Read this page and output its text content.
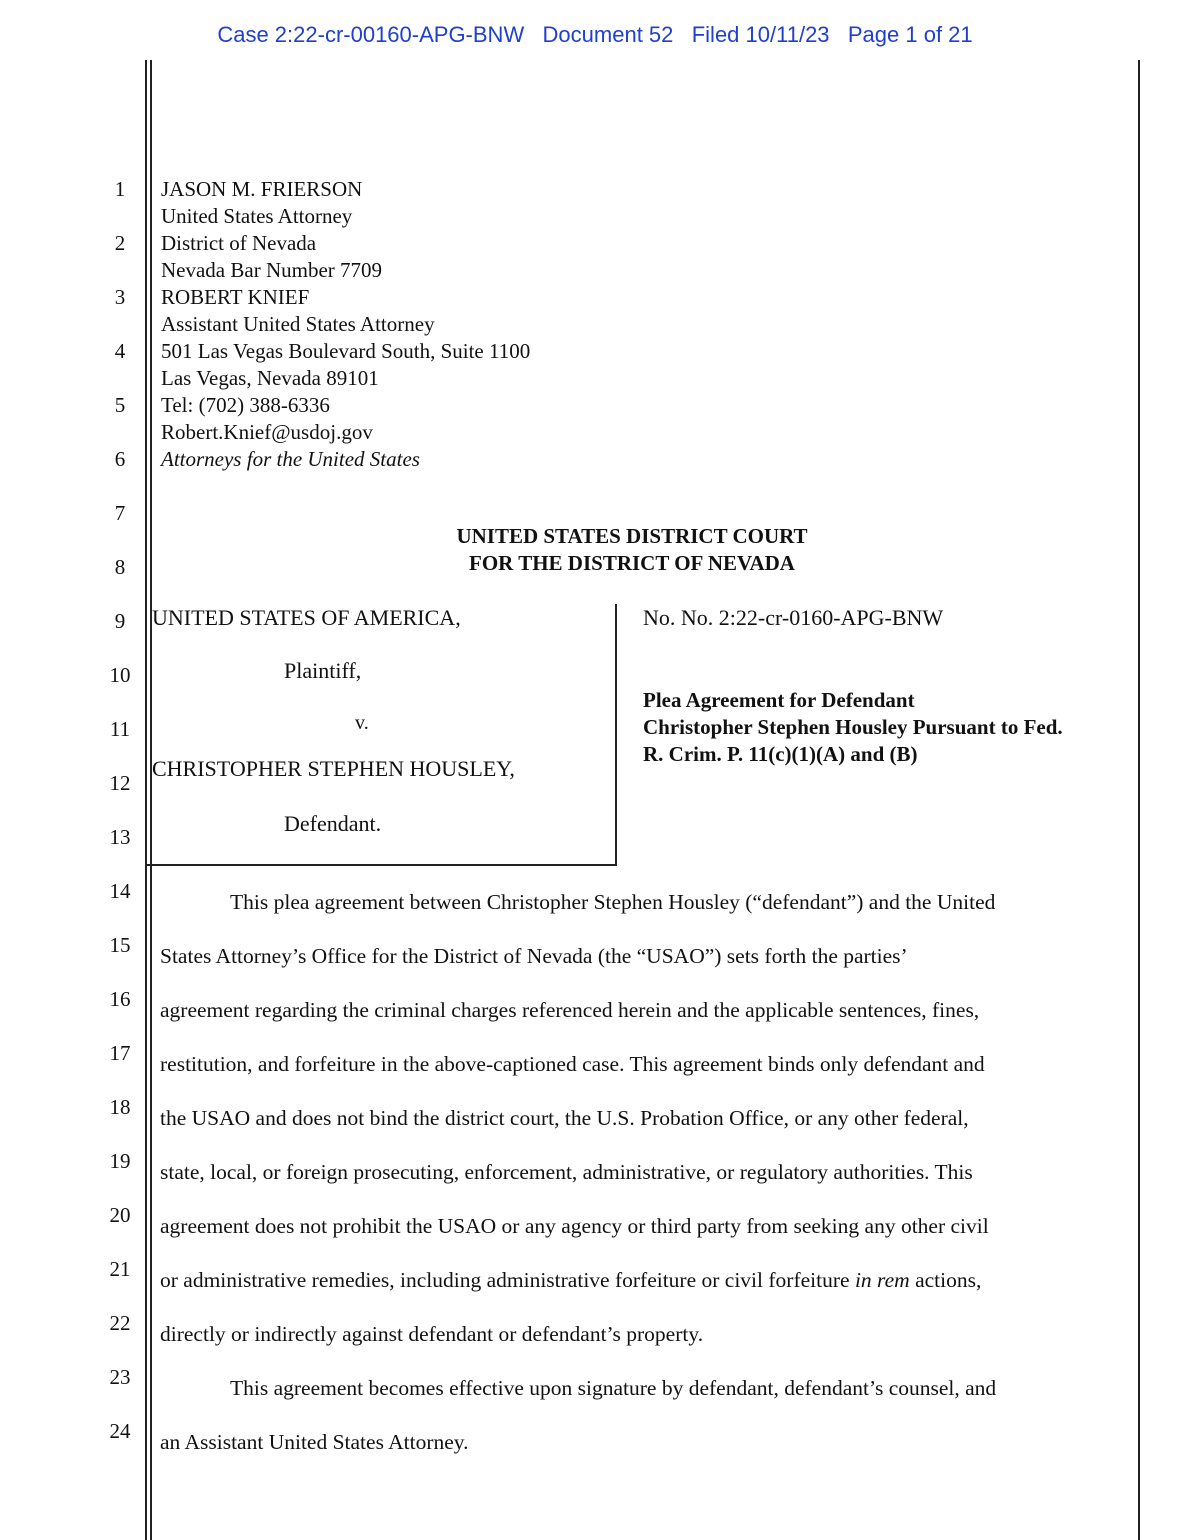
Case 2:22-cr-00160-APG-BNW   Document 52   Filed 10/11/23   Page 1 of 21
1
2
3
4
5
6
7
8
9
10
11
12
13
14
15
16
17
18
19
20
21
22
23
24
JASON M. FRIERSON
United States Attorney
District of Nevada
Nevada Bar Number 7709
ROBERT KNIEF
Assistant United States Attorney
501 Las Vegas Boulevard South, Suite 1100
Las Vegas, Nevada 89101
Tel: (702) 388-6336
Robert.Knief@usdoj.gov
Attorneys for the United States
UNITED STATES DISTRICT COURT
FOR THE DISTRICT OF NEVADA
UNITED STATES OF AMERICA,
Plaintiff,
v.
CHRISTOPHER STEPHEN HOUSLEY,
Defendant.
No. No. 2:22-cr-0160-APG-BNW
Plea Agreement for Defendant
Christopher Stephen Housley Pursuant to Fed.
R. Crim. P. 11(c)(1)(A) and (B)
This plea agreement between Christopher Stephen Housley (“defendant”) and the United
States Attorney’s Office for the District of Nevada (the “USAO”) sets forth the parties’
agreement regarding the criminal charges referenced herein and the applicable sentences, fines,
restitution, and forfeiture in the above-captioned case. This agreement binds only defendant and
the USAO and does not bind the district court, the U.S. Probation Office, or any other federal,
state, local, or foreign prosecuting, enforcement, administrative, or regulatory authorities. This
agreement does not prohibit the USAO or any agency or third party from seeking any other civil
or administrative remedies, including administrative forfeiture or civil forfeiture in rem actions,
directly or indirectly against defendant or defendant’s property.
This agreement becomes effective upon signature by defendant, defendant’s counsel, and
an Assistant United States Attorney.
